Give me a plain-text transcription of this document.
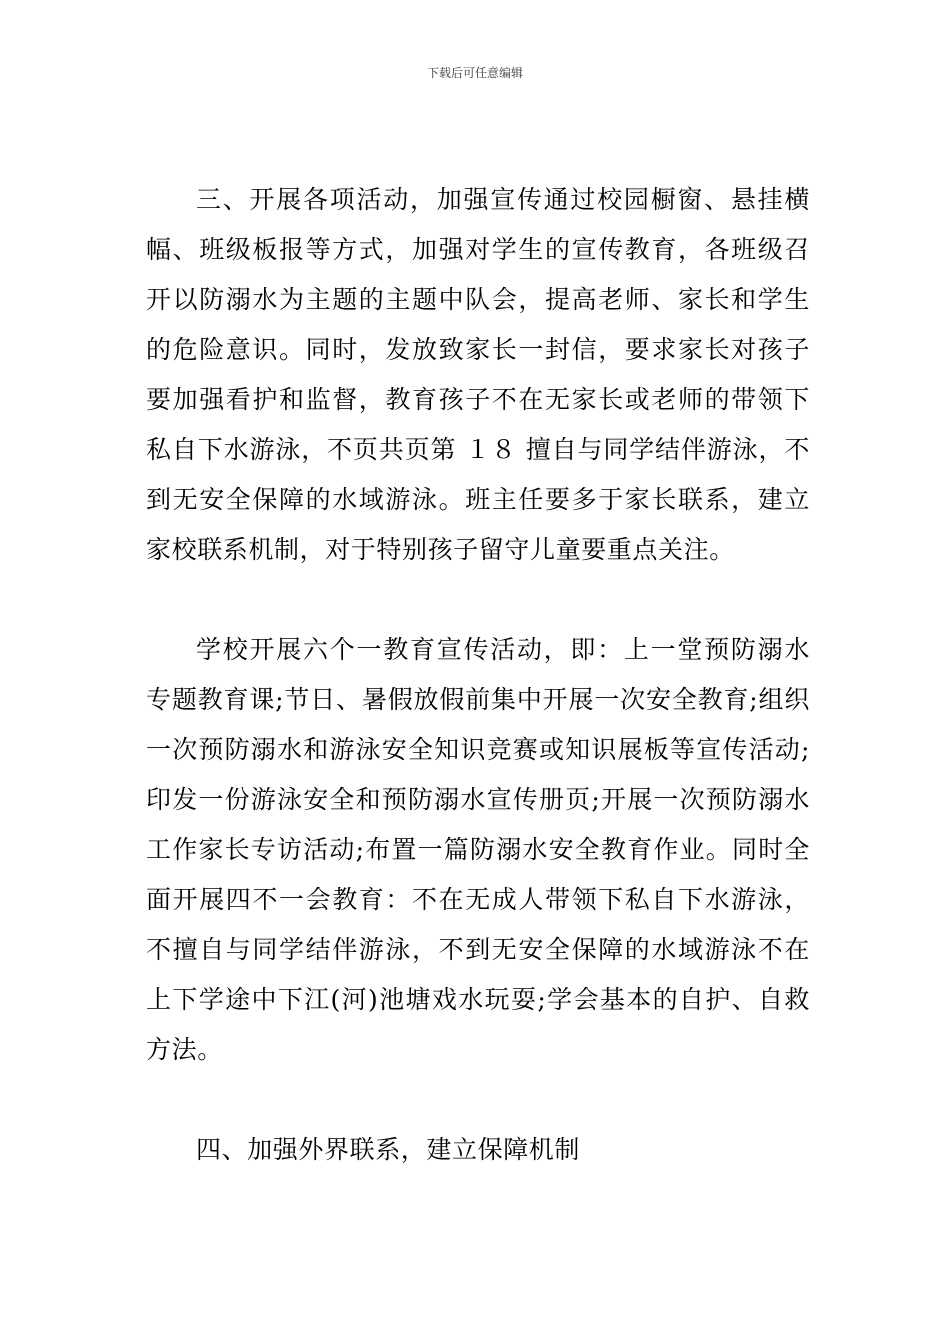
下载后可任意编辑

三、开展各项活动，加强宣传通过校园橱窗、悬挂横幅、班级板报等方式，加强对学生的宣传教育，各班级召开以防溺水为主题的主题中队会，提高老师、家长和学生的危险意识。同时，发放致家长一封信，要求家长对孩子要加强看护和监督，教育孩子不在无家长或老师的带领下私自下水游泳，不页共页第 １８ 擅自与同学结伴游泳，不到无安全保障的水域游泳。班主任要多于家长联系，建立家校联系机制，对于特别孩子留守儿童要重点关注。

学校开展六个一教育宣传活动，即：上一堂预防溺水专题教育课;节日、暑假放假前集中开展一次安全教育;组织一次预防溺水和游泳安全知识竞赛或知识展板等宣传活动;印发一份游泳安全和预防溺水宣传册页;开展一次预防溺水工作家长专访活动;布置一篇防溺水安全教育作业。同时全面开展四不一会教育：不在无成人带领下私自下水游泳，不擅自与同学结伴游泳，不到无安全保障的水域游泳不在上下学途中下江(河)池塘戏水玩耍;学会基本的自护、自救方法。

四、加强外界联系，建立保障机制
